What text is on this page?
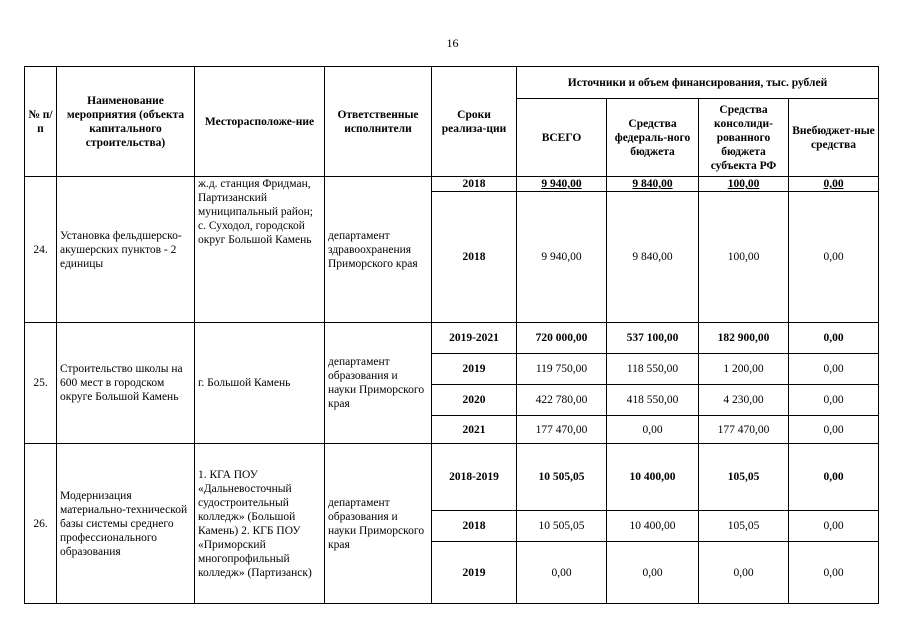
16
№ п/п	Наименование мероприятия (объекта капитального строительства)	Месторасположе-ние	Ответственные исполнители	Сроки реализа-ции	Источники и объем финансирования, тыс. рублей			
					ВСЕГО	Средства федераль-ного бюджета	Средства консолиди-рованного бюджета субъекта РФ	Внебюджет-ные средства
24.	Установка фельдшерско-акушерских пунктов - 2 единицы	ж.д. станция Фридман, Партизанский муниципальный район; с. Суходол, городской округ Большой Камень	департамент здравоохранения Приморского края	2018	9 940,00	9 840,00	100,00	0,00
				2018	9 940,00	9 840,00	100,00	0,00
25.	Строительство школы на 600 мест в городском округе Большой Камень	г. Большой Камень	департамент образования и науки Приморского края	2019-2021	720 000,00	537 100,00	182 900,00	0,00
				2019	119 750,00	118 550,00	1 200,00	0,00
				2020	422 780,00	418 550,00	4 230,00	0,00
				2021	177 470,00	0,00	177 470,00	0,00
26.	Модернизация материально-технической базы системы среднего профессионального образования	1. КГА ПОУ «Дальневосточный судостроительный колледж» (Большой Камень) 2. КГБ ПОУ «Приморский многопрофильный колледж» (Партизанск)	департамент образования и науки Приморского края	2018-2019	10 505,05	10 400,00	105,05	0,00
				2018	10 505,05	10 400,00	105,05	0,00
				2019	0,00	0,00	0,00	0,00
